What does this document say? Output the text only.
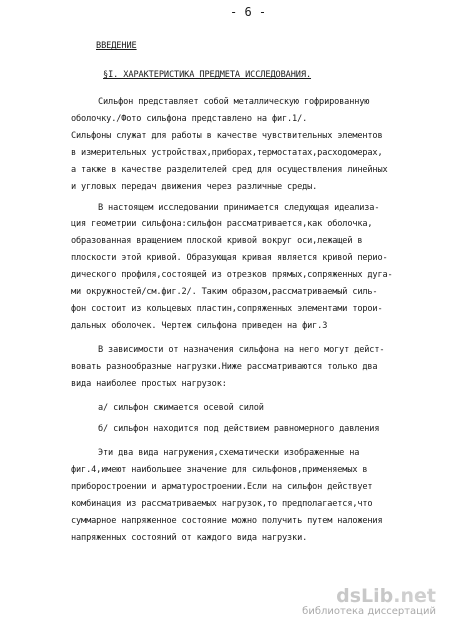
- 6 -
ВВЕДЕНИЕ
§I. ХАРАКТЕРИСТИКА ПРЕДМЕТА ИССЛЕДОВАНИЯ.
Сильфон представляет собой металлическую гофрированную
оболочку./Фото сильфона представлено на фиг.1/.
Сильфоны служат для работы в качестве чувствительных элементов
в измерительных устройствах,приборах,термостатах,расходомерах,
а также в качестве разделителей сред для осуществления линейных
и угловых передач движения через различные среды.
В настоящем исследовании принимается следующая идеализа-
ция геометрии сильфона:сильфон рассматривается,как оболочка,
образованная вращением плоской кривой вокруг оси,лежащей в
плоскости этой кривой. Образующая кривая является кривой перио-
дического профиля,состоящей из отрезков прямых,сопряженных дуга-
ми окружностей/см.фиг.2/. Таким образом,рассматриваемый силь-
фон состоит из кольцевых пластин,сопряженных элементами торои-
дальных оболочек. Чертеж сильфона приведен на фиг.3
В зависимости от назначения сильфона на него могут дейст-
вовать разнообразные нагрузки.Ниже рассматриваются только два
вида наиболее простых нагрузок:
а/ сильфон сжимается осевой силой
б/ сильфон находится под действием равномерного давления
Эти два вида нагружения,схематически изображенные на
фиг.4,имеют наибольшее значение для сильфонов,применяемых в
приборостроении и арматуростроении.Если на сильфон действует
комбинация из рассматриваемых нагрузок,то предполагается,что
суммарное напряженное состояние можно получить путем наложения
напряженных состояний от каждого вида нагрузки.
dsLib.net
библиотека диссертаций
